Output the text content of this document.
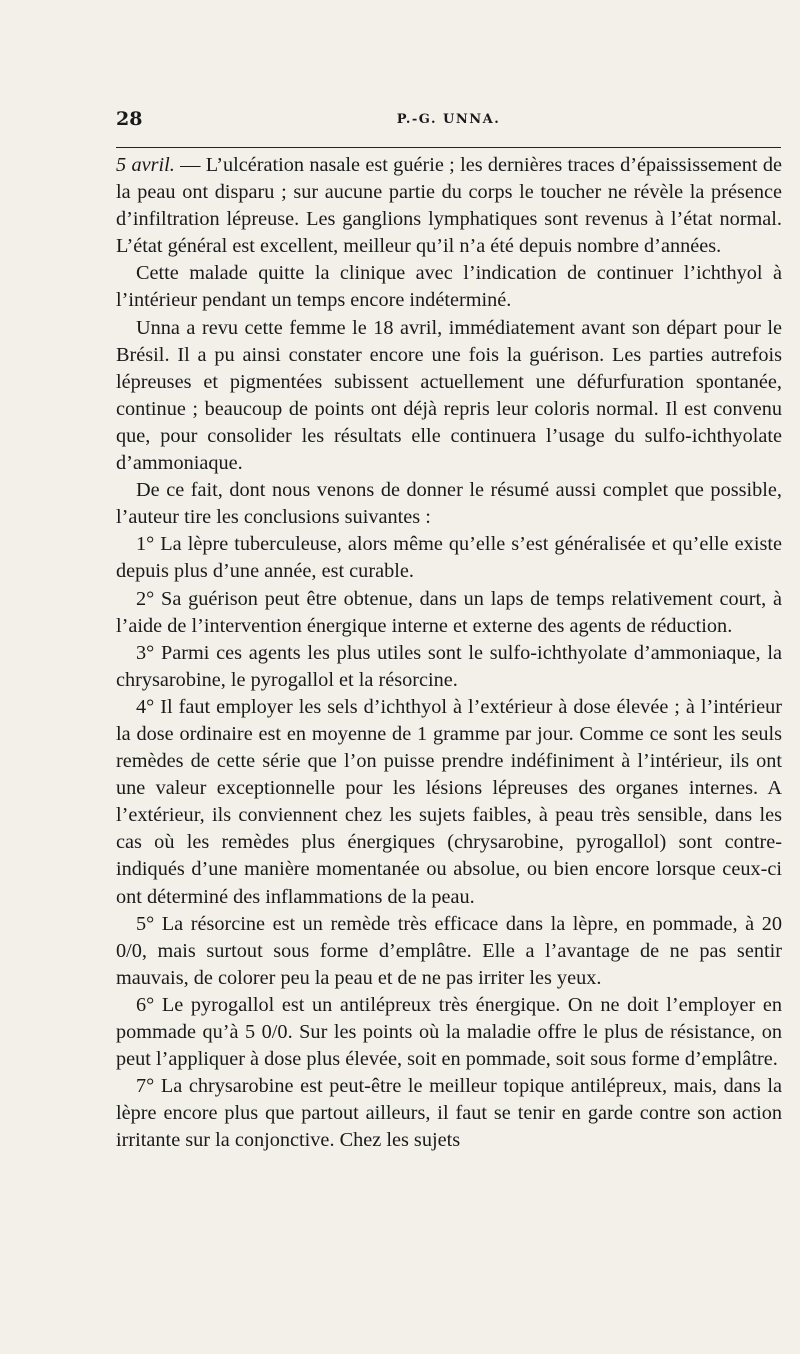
28	P.-G. UNNA.

5 avril. — L’ulcération nasale est guérie ; les dernières traces d’épaississement de la peau ont disparu ; sur aucune partie du corps le toucher ne révèle la présence d’infiltration lépreuse. Les ganglions lymphatiques sont revenus à l’état normal. L’état général est excellent, meilleur qu’il n’a été depuis nombre d’années.

Cette malade quitte la clinique avec l’indication de continuer l’ichthyol à l’intérieur pendant un temps encore indéterminé.

Unna a revu cette femme le 18 avril, immédiatement avant son départ pour le Brésil. Il a pu ainsi constater encore une fois la guérison. Les parties autrefois lépreuses et pigmentées subissent actuellement une défurfuration spontanée, continue ; beaucoup de points ont déjà repris leur coloris normal. Il est convenu que, pour consolider les résultats elle continuera l’usage du sulfo-ichthyolate d’ammoniaque.

De ce fait, dont nous venons de donner le résumé aussi complet que possible, l’auteur tire les conclusions suivantes :

1° La lèpre tuberculeuse, alors même qu’elle s’est généralisée et qu’elle existe depuis plus d’une année, est curable.

2° Sa guérison peut être obtenue, dans un laps de temps relativement court, à l’aide de l’intervention énergique interne et externe des agents de réduction.

3° Parmi ces agents les plus utiles sont le sulfo-ichthyolate d’ammoniaque, la chrysarobine, le pyrogallol et la résorcine.

4° Il faut employer les sels d’ichthyol à l’extérieur à dose élevée ; à l’intérieur la dose ordinaire est en moyenne de 1 gramme par jour. Comme ce sont les seuls remèdes de cette série que l’on puisse prendre indéfiniment à l’intérieur, ils ont une valeur exceptionnelle pour les lésions lépreuses des organes internes. A l’extérieur, ils conviennent chez les sujets faibles, à peau très sensible, dans les cas où les remèdes plus énergiques (chrysarobine, pyrogallol) sont contre-indiqués d’une manière momentanée ou absolue, ou bien encore lorsque ceux-ci ont déterminé des inflammations de la peau.

5° La résorcine est un remède très efficace dans la lèpre, en pommade, à 20 0/0, mais surtout sous forme d’emplâtre. Elle a l’avantage de ne pas sentir mauvais, de colorer peu la peau et de ne pas irriter les yeux.

6° Le pyrogallol est un antilépreux très énergique. On ne doit l’employer en pommade qu’à 5 0/0. Sur les points où la maladie offre le plus de résistance, on peut l’appliquer à dose plus élevée, soit en pommade, soit sous forme d’emplâtre.

7° La chrysarobine est peut-être le meilleur topique antilépreux, mais, dans la lèpre encore plus que partout ailleurs, il faut se tenir en garde contre son action irritante sur la conjonctive. Chez les sujets
